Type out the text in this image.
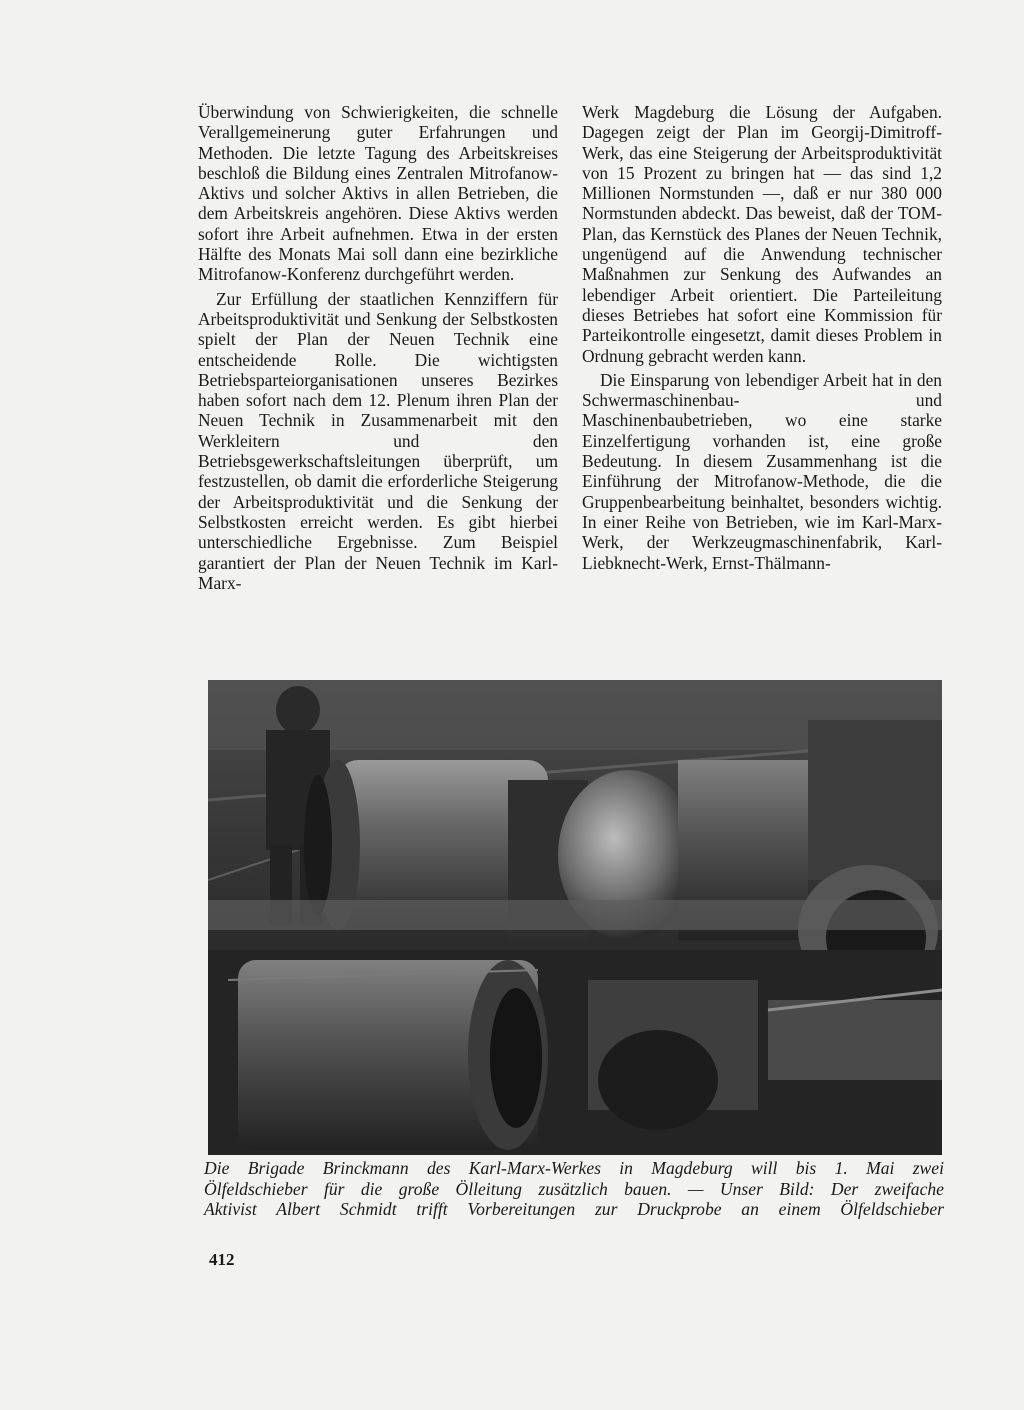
Überwindung von Schwierigkeiten, die schnelle Verallgemeinerung guter Erfahrungen und Methoden. Die letzte Tagung des Arbeitskreises beschloß die Bildung eines Zentralen Mitrofanow-Aktivs und solcher Aktivs in allen Betrieben, die dem Arbeitskreis angehören. Diese Aktivs werden sofort ihre Arbeit aufnehmen. Etwa in der ersten Hälfte des Monats Mai soll dann eine bezirkliche Mitrofanow-Konferenz durchgeführt werden.

Zur Erfüllung der staatlichen Kennziffern für Arbeitsproduktivität und Senkung der Selbstkosten spielt der Plan der Neuen Technik eine entscheidende Rolle. Die wichtigsten Betriebsparteiorganisationen unseres Bezirkes haben sofort nach dem 12. Plenum ihren Plan der Neuen Technik in Zusammenarbeit mit den Werkleitern und den Betriebsgewerkschaftsleitungen überprüft, um festzustellen, ob damit die erforderliche Steigerung der Arbeitsproduktivität und die Senkung der Selbstkosten erreicht werden. Es gibt hierbei unterschiedliche Ergebnisse. Zum Beispiel garantiert der Plan der Neuen Technik im Karl-Marx-

Werk Magdeburg die Lösung der Aufgaben. Dagegen zeigt der Plan im Georgij-Dimitroff-Werk, das eine Steigerung der Arbeitsproduktivität von 15 Prozent zu bringen hat — das sind 1,2 Millionen Normstunden —, daß er nur 380 000 Normstunden abdeckt. Das beweist, daß der TOM-Plan, das Kernstück des Planes der Neuen Technik, ungenügend auf die Anwendung technischer Maßnahmen zur Senkung des Aufwandes an lebendiger Arbeit orientiert. Die Parteileitung dieses Betriebes hat sofort eine Kommission für Parteikontrolle eingesetzt, damit dieses Problem in Ordnung gebracht werden kann.

Die Einsparung von lebendiger Arbeit hat in den Schwermaschinenbau- und Maschinenbaubetrieben, wo eine starke Einzelfertigung vorhanden ist, eine große Bedeutung. In diesem Zusammenhang ist die Einführung der Mitrofanow-Methode, die die Gruppenbearbeitung beinhaltet, besonders wichtig. In einer Reihe von Betrieben, wie im Karl-Marx-Werk, der Werkzeugmaschinenfabrik, Karl-Liebknecht-Werk, Ernst-Thälmann-

Die Brigade Brinckmann des Karl-Marx-Werkes in Magdeburg will bis 1. Mai zwei
Ölfeldschieber für die große Ölleitung zusätzlich bauen. — Unser Bild: Der zweifache
Aktivist Albert Schmidt trifft Vorbereitungen zur Druckprobe an einem Ölfeldschieber
412
